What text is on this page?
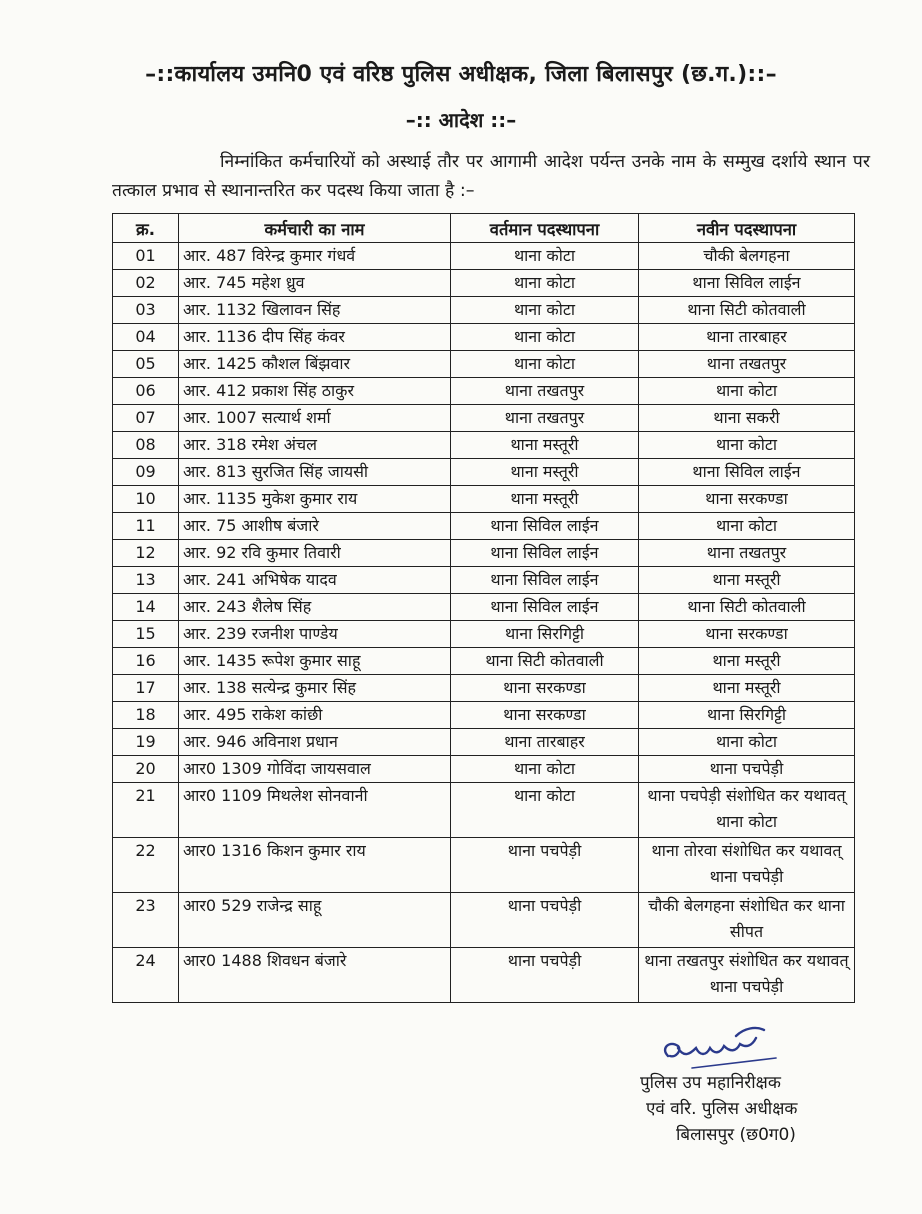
–::कार्यालय उमनि0 एवं वरिष्ठ पुलिस अधीक्षक, जिला बिलासपुर (छ.ग.)::–
–:: आदेश ::–
निम्नांकित कर्मचारियों को अस्थाई तौर पर आगामी आदेश पर्यन्त उनके नाम के सम्मुख दर्शाये स्थान पर तत्काल प्रभाव से स्थानान्तरित कर पदस्थ किया जाता है :–
क्र.	कर्मचारी का नाम	वर्तमान पदस्थापना	नवीन पदस्थापना
01	आर. 487 विरेन्द्र कुमार गंधर्व	थाना कोटा	चौकी बेलगहना
02	आर. 745 महेश ध्रुव	थाना कोटा	थाना सिविल लाईन
03	आर. 1132 खिलावन सिंह	थाना कोटा	थाना सिटी कोतवाली
04	आर. 1136 दीप सिंह कंवर	थाना कोटा	थाना तारबाहर
05	आर. 1425 कौशल बिंझवार	थाना कोटा	थाना तखतपुर
06	आर. 412 प्रकाश सिंह ठाकुर	थाना तखतपुर	थाना कोटा
07	आर. 1007 सत्यार्थ शर्मा	थाना तखतपुर	थाना सकरी
08	आर. 318 रमेश अंचल	थाना मस्तूरी	थाना कोटा
09	आर. 813 सुरजित सिंह जायसी	थाना मस्तूरी	थाना सिविल लाईन
10	आर. 1135 मुकेश कुमार राय	थाना मस्तूरी	थाना सरकण्डा
11	आर. 75 आशीष बंजारे	थाना सिविल लाईन	थाना कोटा
12	आर. 92 रवि कुमार तिवारी	थाना सिविल लाईन	थाना तखतपुर
13	आर. 241 अभिषेक यादव	थाना सिविल लाईन	थाना मस्तूरी
14	आर. 243 शैलेष सिंह	थाना सिविल लाईन	थाना सिटी कोतवाली
15	आर. 239 रजनीश पाण्डेय	थाना सिरगिट्टी	थाना सरकण्डा
16	आर. 1435 रूपेश कुमार साहू	थाना सिटी कोतवाली	थाना मस्तूरी
17	आर. 138 सत्येन्द्र कुमार सिंह	थाना सरकण्डा	थाना मस्तूरी
18	आर. 495 राकेश कांछी	थाना सरकण्डा	थाना सिरगिट्टी
19	आर. 946 अविनाश प्रधान	थाना तारबाहर	थाना कोटा
20	आर0 1309 गोविंदा जायसवाल	थाना कोटा	थाना पचपेड़ी
21	आर0 1109 मिथलेश सोनवानी	थाना कोटा	थाना पचपेड़ी संशोधित कर यथावत् थाना कोटा
22	आर0 1316 किशन कुमार राय	थाना पचपेड़ी	थाना तोरवा संशोधित कर यथावत् थाना पचपेड़ी
23	आर0 529 राजेन्द्र साहू	थाना पचपेड़ी	चौकी बेलगहना संशोधित कर थाना सीपत
24	आर0 1488 शिवधन बंजारे	थाना पचपेड़ी	थाना तखतपुर संशोधित कर यथावत् थाना पचपेड़ी
पुलिस उप महानिरीक्षक
एवं वरि. पुलिस अधीक्षक
बिलासपुर (छ0ग0)
